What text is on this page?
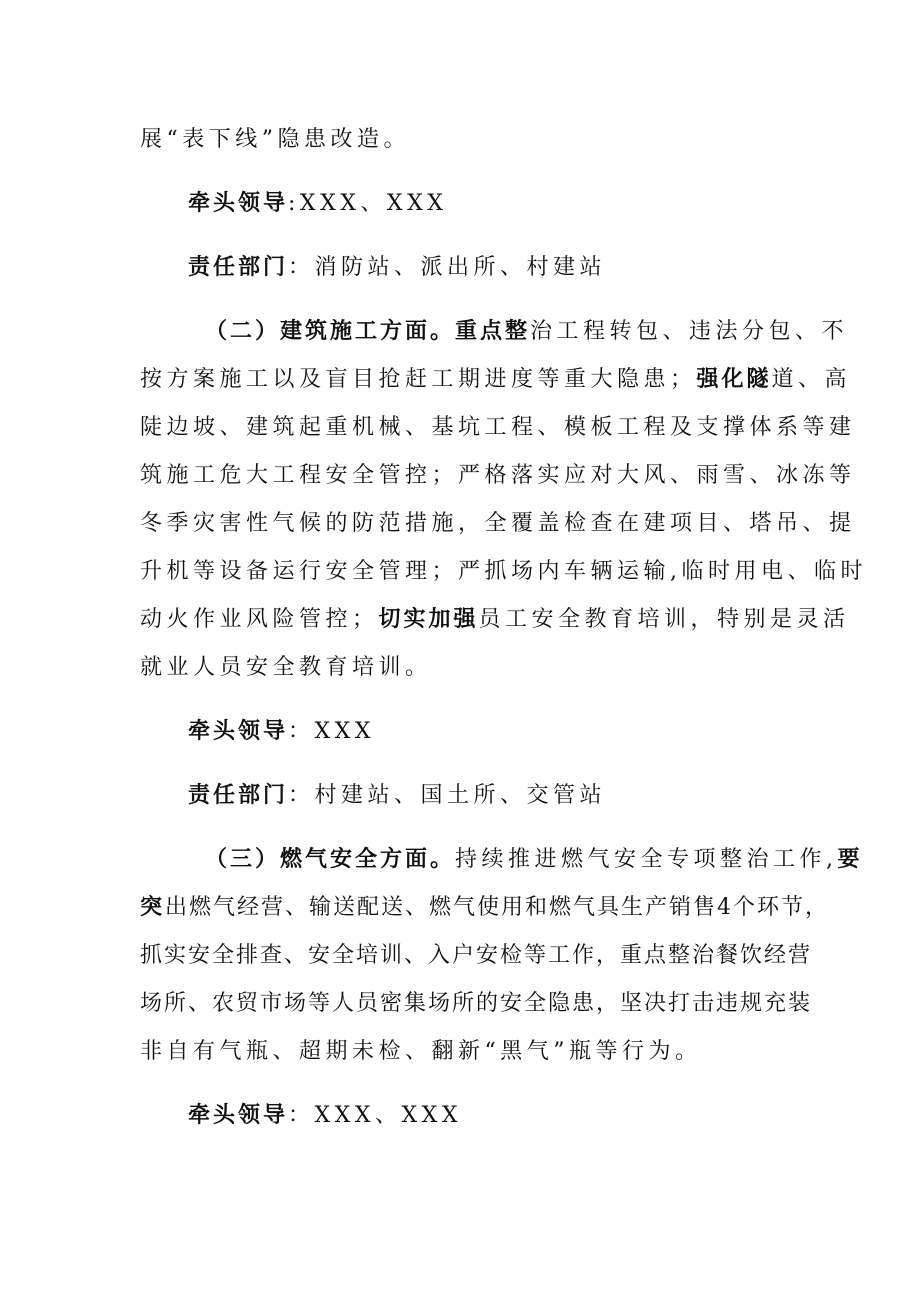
展“表下线”隐患改造。
牵头领导:XXX、XXX
责任部门：消防站、派出所、村建站
（二）建筑施工方面。重点整治工程转包、违法分包、不
按方案施工以及盲目抢赶工期进度等重大隐患；强化隧道、高
陡边坡、建筑起重机械、基坑工程、模板工程及支撑体系等建
筑施工危大工程安全管控；严格落实应对大风、雨雪、冰冻等
冬季灾害性气候的防范措施，全覆盖检查在建项目、塔吊、提
升机等设备运行安全管理；严抓场内车辆运输,临时用电、临时
动火作业风险管控；切实加强员工安全教育培训，特别是灵活
就业人员安全教育培训。
牵头领导：XXX
责任部门：村建站、国土所、交管站
（三）燃气安全方面。持续推进燃气安全专项整治工作,要
突出燃气经营、输送配送、燃气使用和燃气具生产销售4个环节，
抓实安全排查、安全培训、入户安检等工作，重点整治餐饮经营
场所、农贸市场等人员密集场所的安全隐患，坚决打击违规充装
非自有气瓶、超期未检、翻新“黑气”瓶等行为。
牵头领导：XXX、XXX
